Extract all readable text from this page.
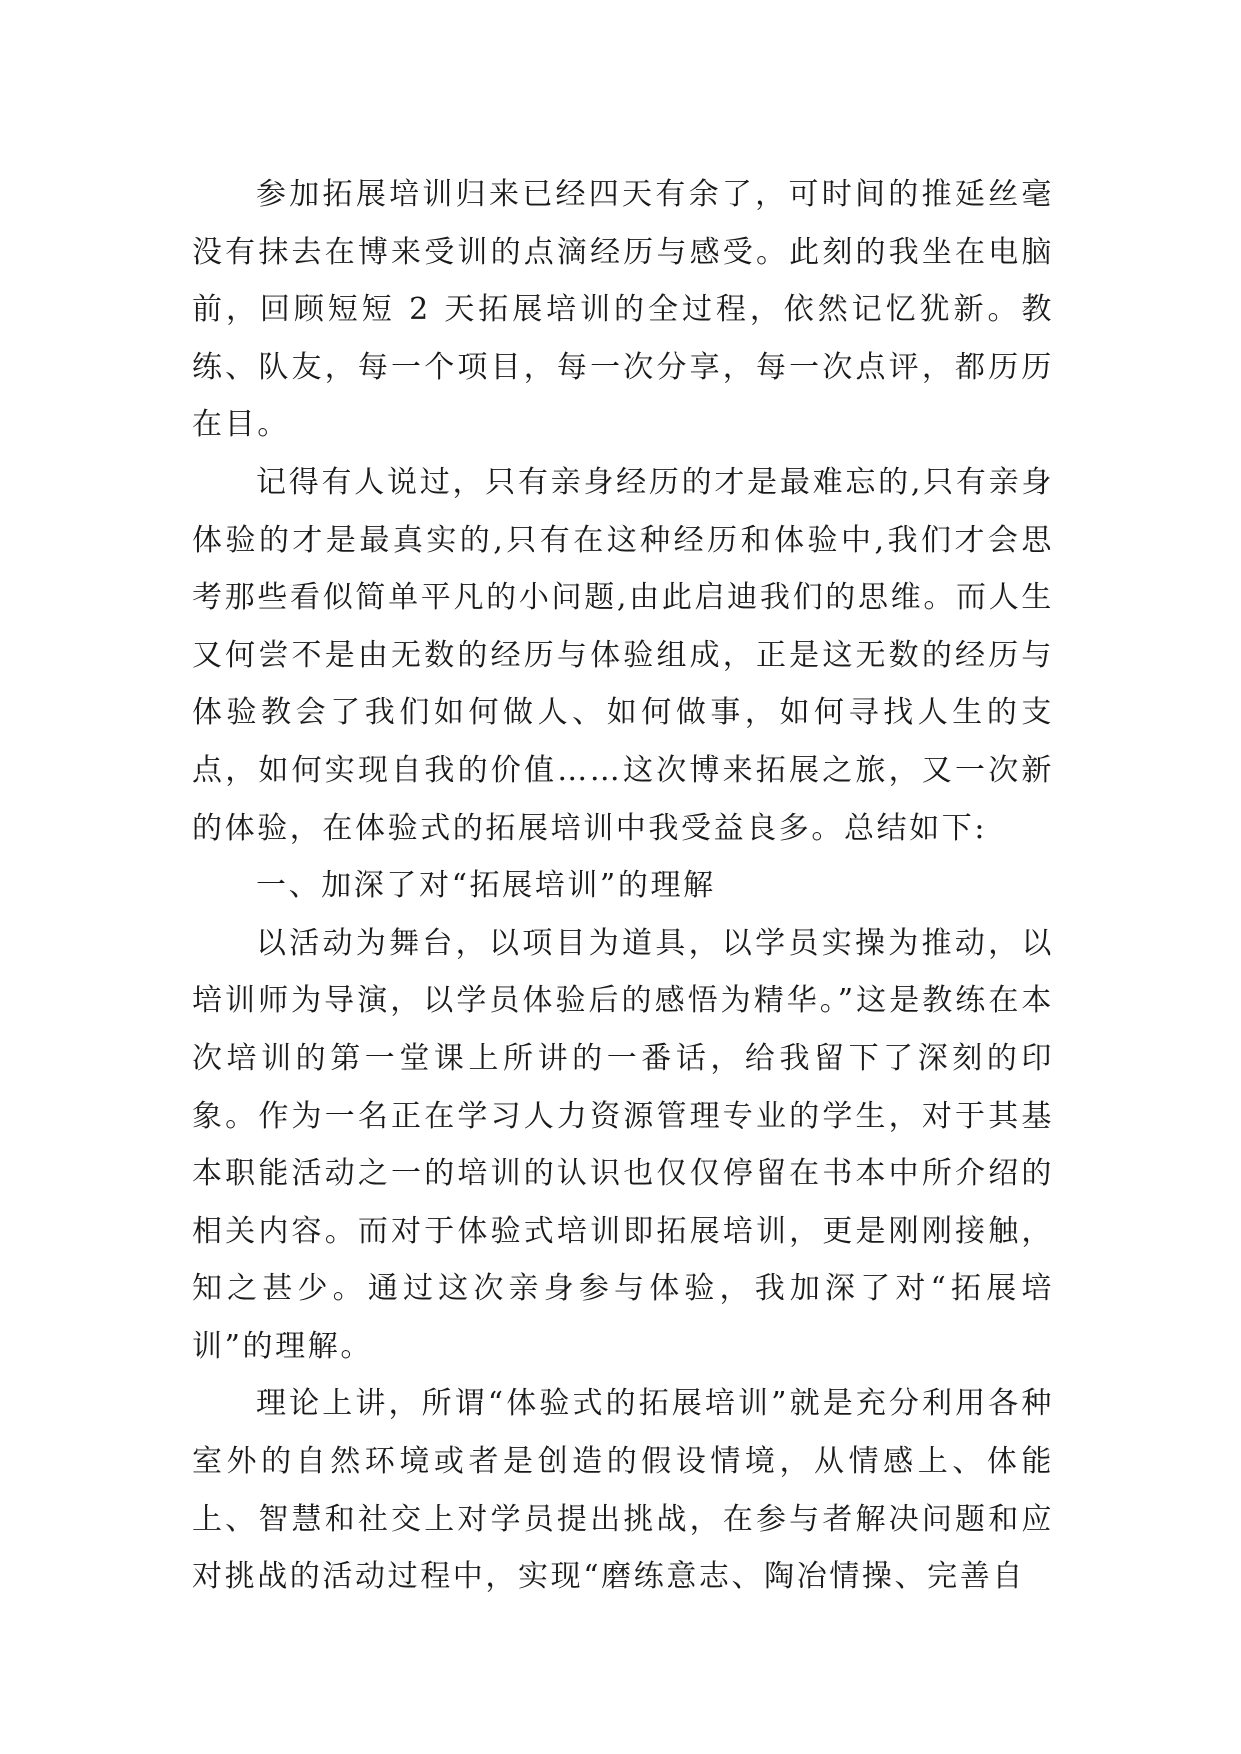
参加拓展培训归来已经四天有余了，可时间的推延丝毫没有抹去在博来受训的点滴经历与感受。此刻的我坐在电脑前，回顾短短 2 天拓展培训的全过程，依然记忆犹新。教练、队友，每一个项目，每一次分享，每一次点评，都历历在目。

记得有人说过，只有亲身经历的才是最难忘的,只有亲身体验的才是最真实的,只有在这种经历和体验中,我们才会思考那些看似简单平凡的小问题,由此启迪我们的思维。而人生又何尝不是由无数的经历与体验组成，正是这无数的经历与体验教会了我们如何做人、如何做事，如何寻找人生的支点，如何实现自我的价值……这次博来拓展之旅，又一次新的体验，在体验式的拓展培训中我受益良多。总结如下:

一、加深了对“拓展培训”的理解

以活动为舞台，以项目为道具，以学员实操为推动，以培训师为导演，以学员体验后的感悟为精华。”这是教练在本次培训的第一堂课上所讲的一番话，给我留下了深刻的印象。作为一名正在学习人力资源管理专业的学生，对于其基本职能活动之一的培训的认识也仅仅停留在书本中所介绍的相关内容。而对于体验式培训即拓展培训，更是刚刚接触，知之甚少。通过这次亲身参与体验，我加深了对“拓展培训”的理解。

理论上讲，所谓“体验式的拓展培训”就是充分利用各种室外的自然环境或者是创造的假设情境，从情感上、体能上、智慧和社交上对学员提出挑战，在参与者解决问题和应对挑战的活动过程中，实现“磨练意志、陶冶情操、完善自
